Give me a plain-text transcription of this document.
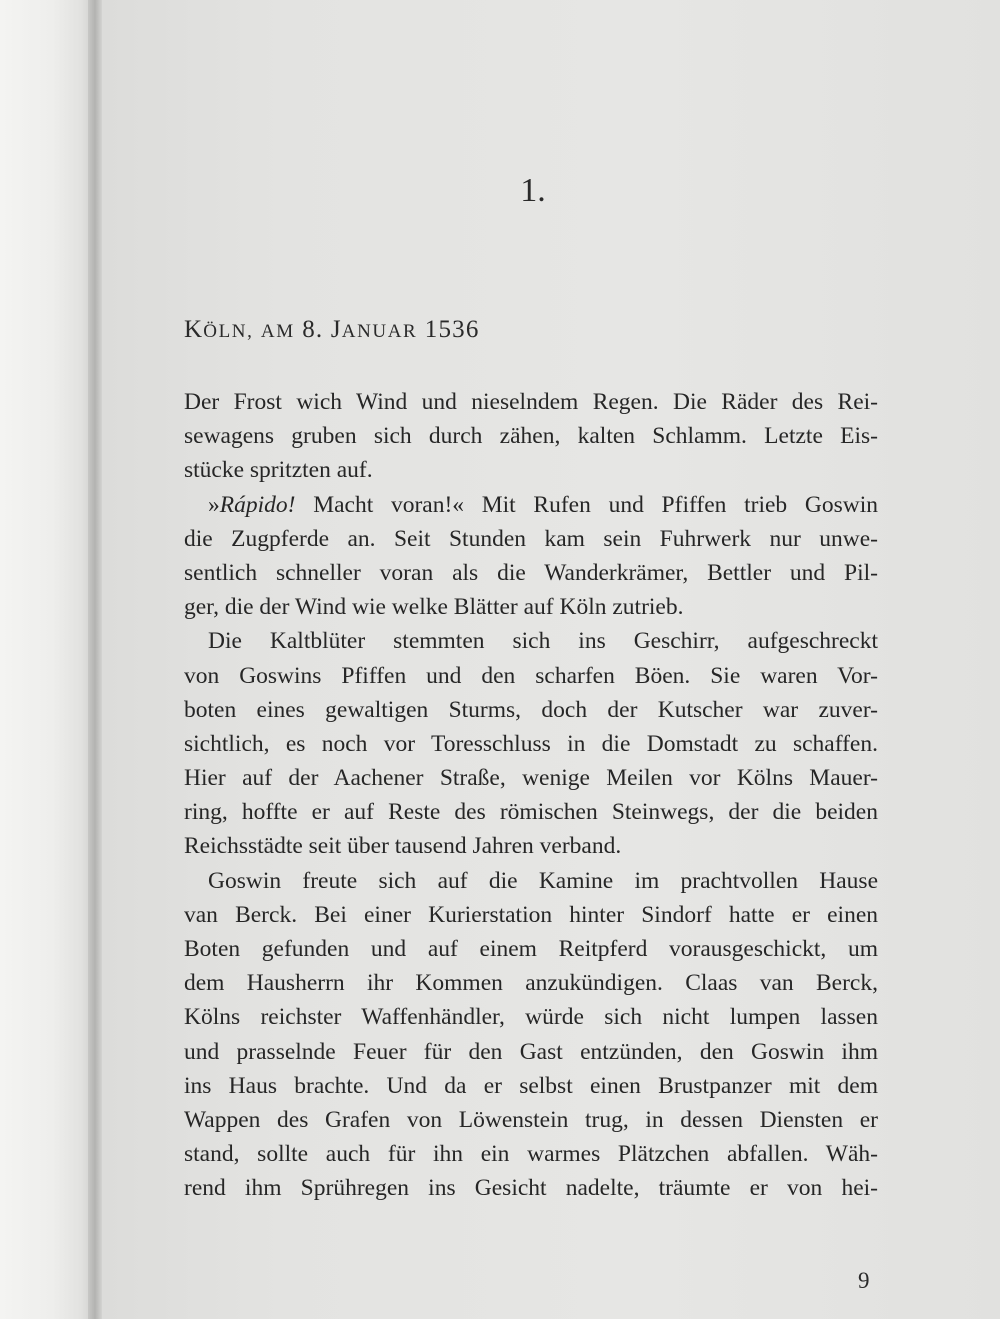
1.
KÖLN, AM 8. JANUAR 1536
Der Frost wich Wind und nieselndem Regen. Die Räder des Rei-
sewagens gruben sich durch zähen, kalten Schlamm. Letzte Eis-
stücke spritzten auf.
»Rápido! Macht voran!« Mit Rufen und Pfiffen trieb Goswin
die Zugpferde an. Seit Stunden kam sein Fuhrwerk nur unwe-
sentlich schneller voran als die Wanderkrämer, Bettler und Pil-
ger, die der Wind wie welke Blätter auf Köln zutrieb.
Die Kaltblüter stemmten sich ins Geschirr, aufgeschreckt
von Goswins Pfiffen und den scharfen Böen. Sie waren Vor-
boten eines gewaltigen Sturms, doch der Kutscher war zuver-
sichtlich, es noch vor Toresschluss in die Domstadt zu schaffen.
Hier auf der Aachener Straße, wenige Meilen vor Kölns Mauer-
ring, hoffte er auf Reste des römischen Steinwegs, der die beiden
Reichsstädte seit über tausend Jahren verband.
Goswin freute sich auf die Kamine im prachtvollen Hause
van Berck. Bei einer Kurierstation hinter Sindorf hatte er einen
Boten gefunden und auf einem Reitpferd vorausgeschickt, um
dem Hausherrn ihr Kommen anzukündigen. Claas van Berck,
Kölns reichster Waffenhändler, würde sich nicht lumpen lassen
und prasselnde Feuer für den Gast entzünden, den Goswin ihm
ins Haus brachte. Und da er selbst einen Brustpanzer mit dem
Wappen des Grafen von Löwenstein trug, in dessen Diensten er
stand, sollte auch für ihn ein warmes Plätzchen abfallen. Wäh-
rend ihm Sprühregen ins Gesicht nadelte, träumte er von hei-
9
